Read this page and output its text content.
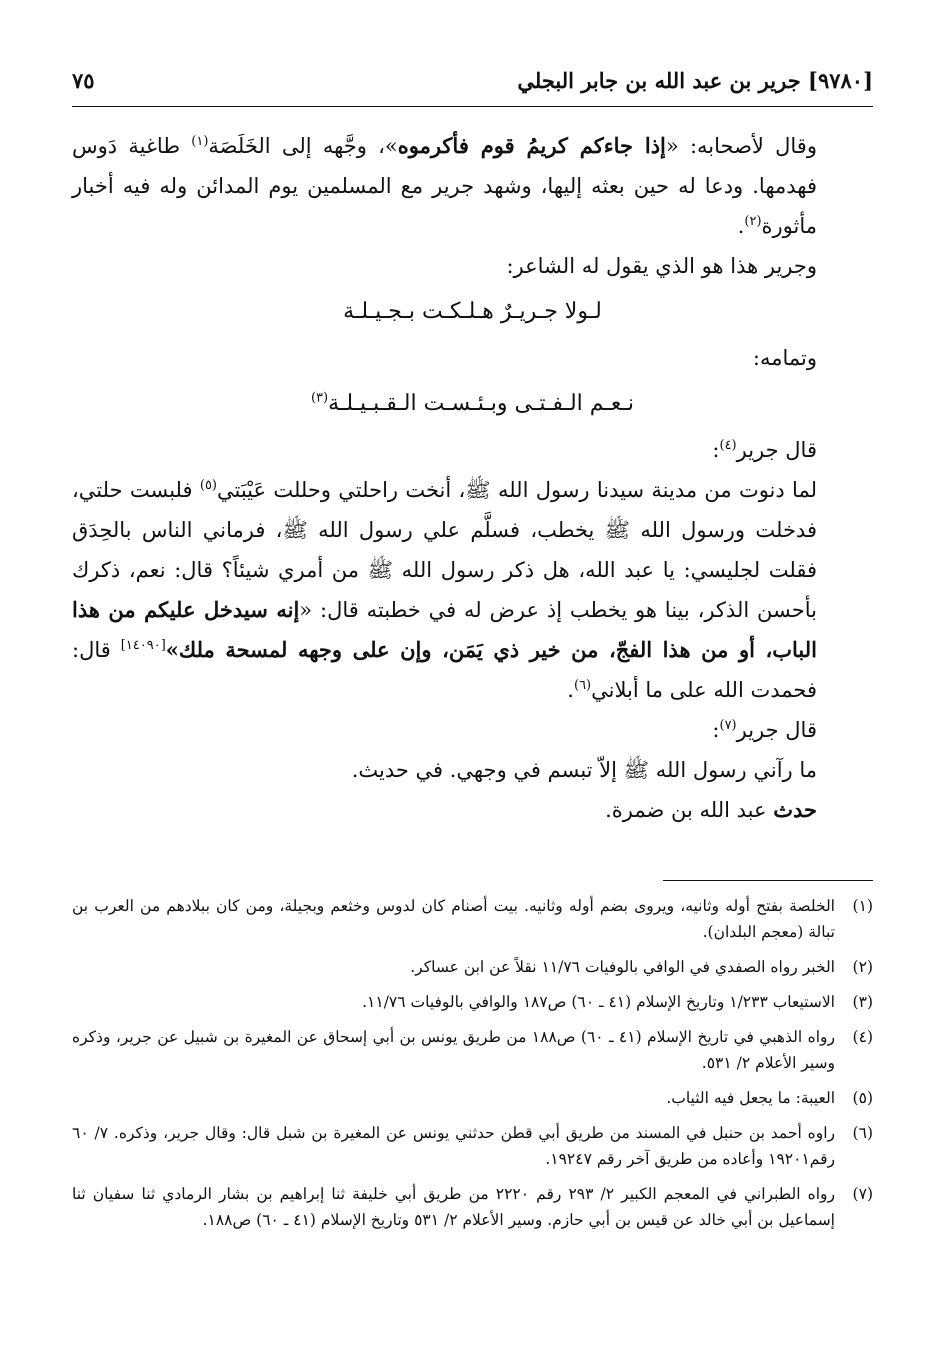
[٩٧٨٠] جرير بن عبد الله بن جابر البجلي
٧٥

وقال لأصحابه: «إذا جاءكم كريمُ قوم فأكرموه»، وجَّهه إلى الخَلَصَة$^{(١)}$ طاغية دَوس فهدمها. ودعا له حين بعثه إليها، وشهد جرير مع المسلمين يوم المدائن وله فيه أخبار مأثورة$^{(٢)}$.

وجرير هذا هو الذي يقول له الشاعر:

لـولا جـريـرٌ هـلـكـت بـجـيـلـة

وتمامه:

نـعـم الـفـتـى وبـئـسـت الـقـبـيـلـة$^{(٣)}$

قال جرير$^{(٤)}$:

لما دنوت من مدينة سيدنا رسول الله ﷺ، أنخت راحلتي وحللت عَيْبَتي$^{(٥)}$ فلبست حلتي، فدخلت ورسول الله ﷺ يخطب، فسلَّم علي رسول الله ﷺ، فرماني الناس بالحِدَق فقلت لجليسي: يا عبد الله، هل ذكر رسول الله ﷺ من أمري شيئاً؟ قال: نعم، ذكرك بأحسن الذكر، بينا هو يخطب إذ عرض له في خطبته قال: «إنه سيدخل عليكم من هذا الباب، أو من هذا الفجّ، من خير ذي يَمَن، وإن على وجهه لمسحة ملك»[١٤٠٩٠] قال: فحمدت الله على ما أبلاني$^{(٦)}$.

قال جرير$^{(٧)}$:

ما رآني رسول الله ﷺ إلاّ تبسم في وجهي. في حديث.

حدث عبد الله بن ضمرة.

(١)
الخلصة بفتح أوله وثانيه، ويروى بضم أوله وثانيه. بيت أصنام كان لدوس وخثعم وبجيلة، ومن كان ببلادهم من العرب بن تبالة (معجم البلدان).
(٢)
الخبر رواه الصفدي في الوافي بالوفيات ١١/٧٦ نقلاً عن ابن عساكر.
(٣)
الاستيعاب ١/٢٣٣ وتاريخ الإسلام (٤١ ـ ٦٠) ص١٨٧ والوافي بالوفيات ١١/٧٦.
(٤)
رواه الذهبي في تاريخ الإسلام (٤١ ـ ٦٠) ص١٨٨ من طريق يونس بن أبي إسحاق عن المغيرة بن شبيل عن جرير، وذكره وسير الأعلام ٢/ ٥٣١.
(٥)
العيبة: ما يجعل فيه الثياب.
(٦)
راوه أحمد بن حنبل في المسند من طريق أبي قطن حدثني يونس عن المغيرة بن شبل قال: وقال جرير، وذكره. ٧/ ٦٠ رقم١٩٢٠١ وأعاده من طريق آخر رقم ١٩٢٤٧.
(٧)
رواه الطبراني في المعجم الكبير ٢/ ٢٩٣ رقم ٢٢٢٠ من طريق أبي خليفة ثنا إبراهيم بن بشار الرمادي ثنا سفيان ثنا إسماعيل بن أبي خالد عن قيس بن أبي حازم. وسير الأعلام ٢/ ٥٣١ وتاريخ الإسلام (٤١ ـ ٦٠) ص١٨٨.
